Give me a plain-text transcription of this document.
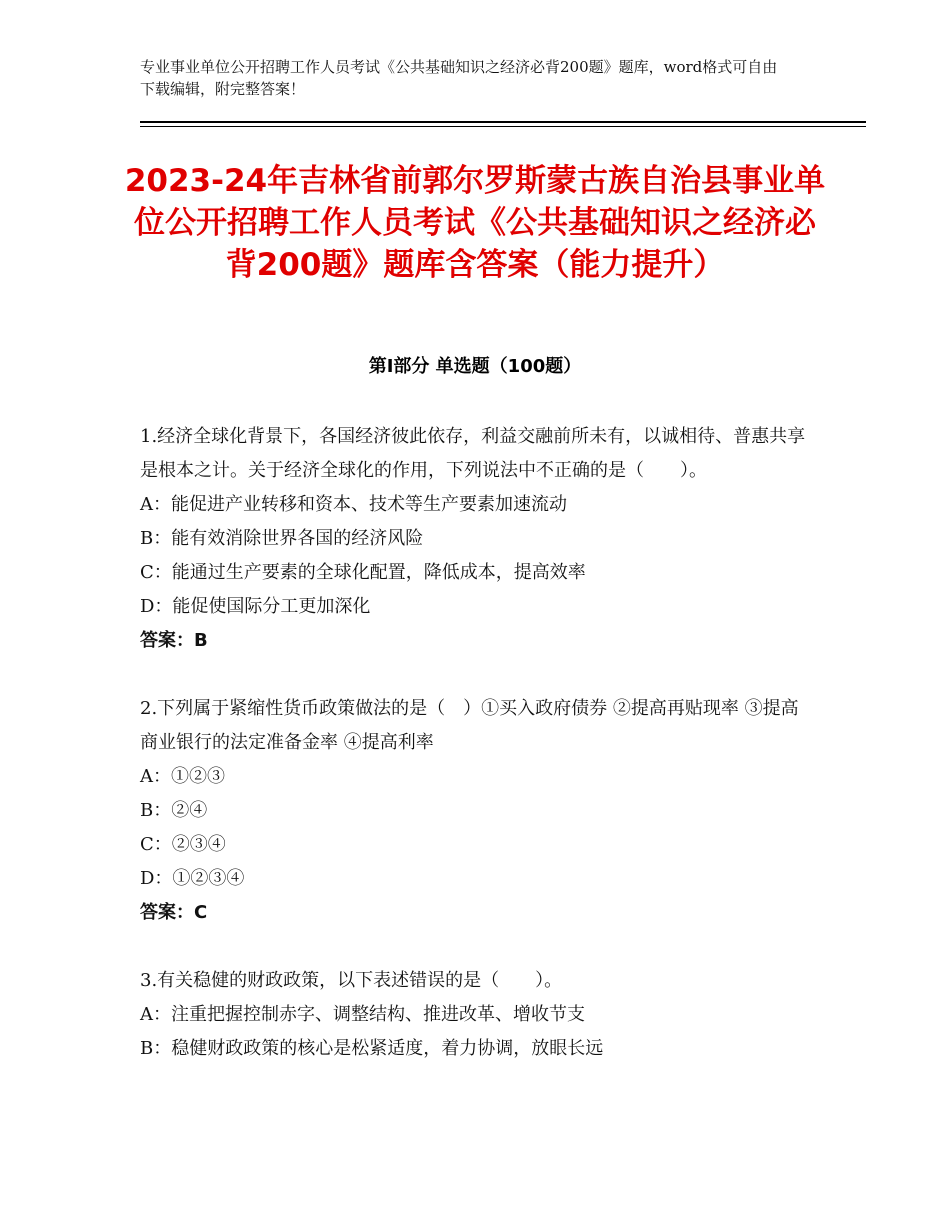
专业事业单位公开招聘工作人员考试《公共基础知识之经济必背200题》题库，word格式可自由下载编辑，附完整答案！
2023-24年吉林省前郭尔罗斯蒙古族自治县事业单位公开招聘工作人员考试《公共基础知识之经济必背200题》题库含答案（能力提升）
第Ⅰ部分 单选题（100题）

1.经济全球化背景下，各国经济彼此依存，利益交融前所未有，以诚相待、普惠共享是根本之计。关于经济全球化的作用，下列说法中不正确的是（　　）。

A：能促进产业转移和资本、技术等生产要素加速流动

B：能有效消除世界各国的经济风险

C：能通过生产要素的全球化配置，降低成本，提高效率

D：能促使国际分工更加深化

答案：B

2.下列属于紧缩性货币政策做法的是（　）①买入政府债券 ②提高再贴现率 ③提高商业银行的法定准备金率 ④提高利率

A：①②③

B：②④

C：②③④

D：①②③④

答案：C

3.有关稳健的财政政策，以下表述错误的是（　　）。

A：注重把握控制赤字、调整结构、推进改革、增收节支

B：稳健财政政策的核心是松紧适度，着力协调，放眼长远
